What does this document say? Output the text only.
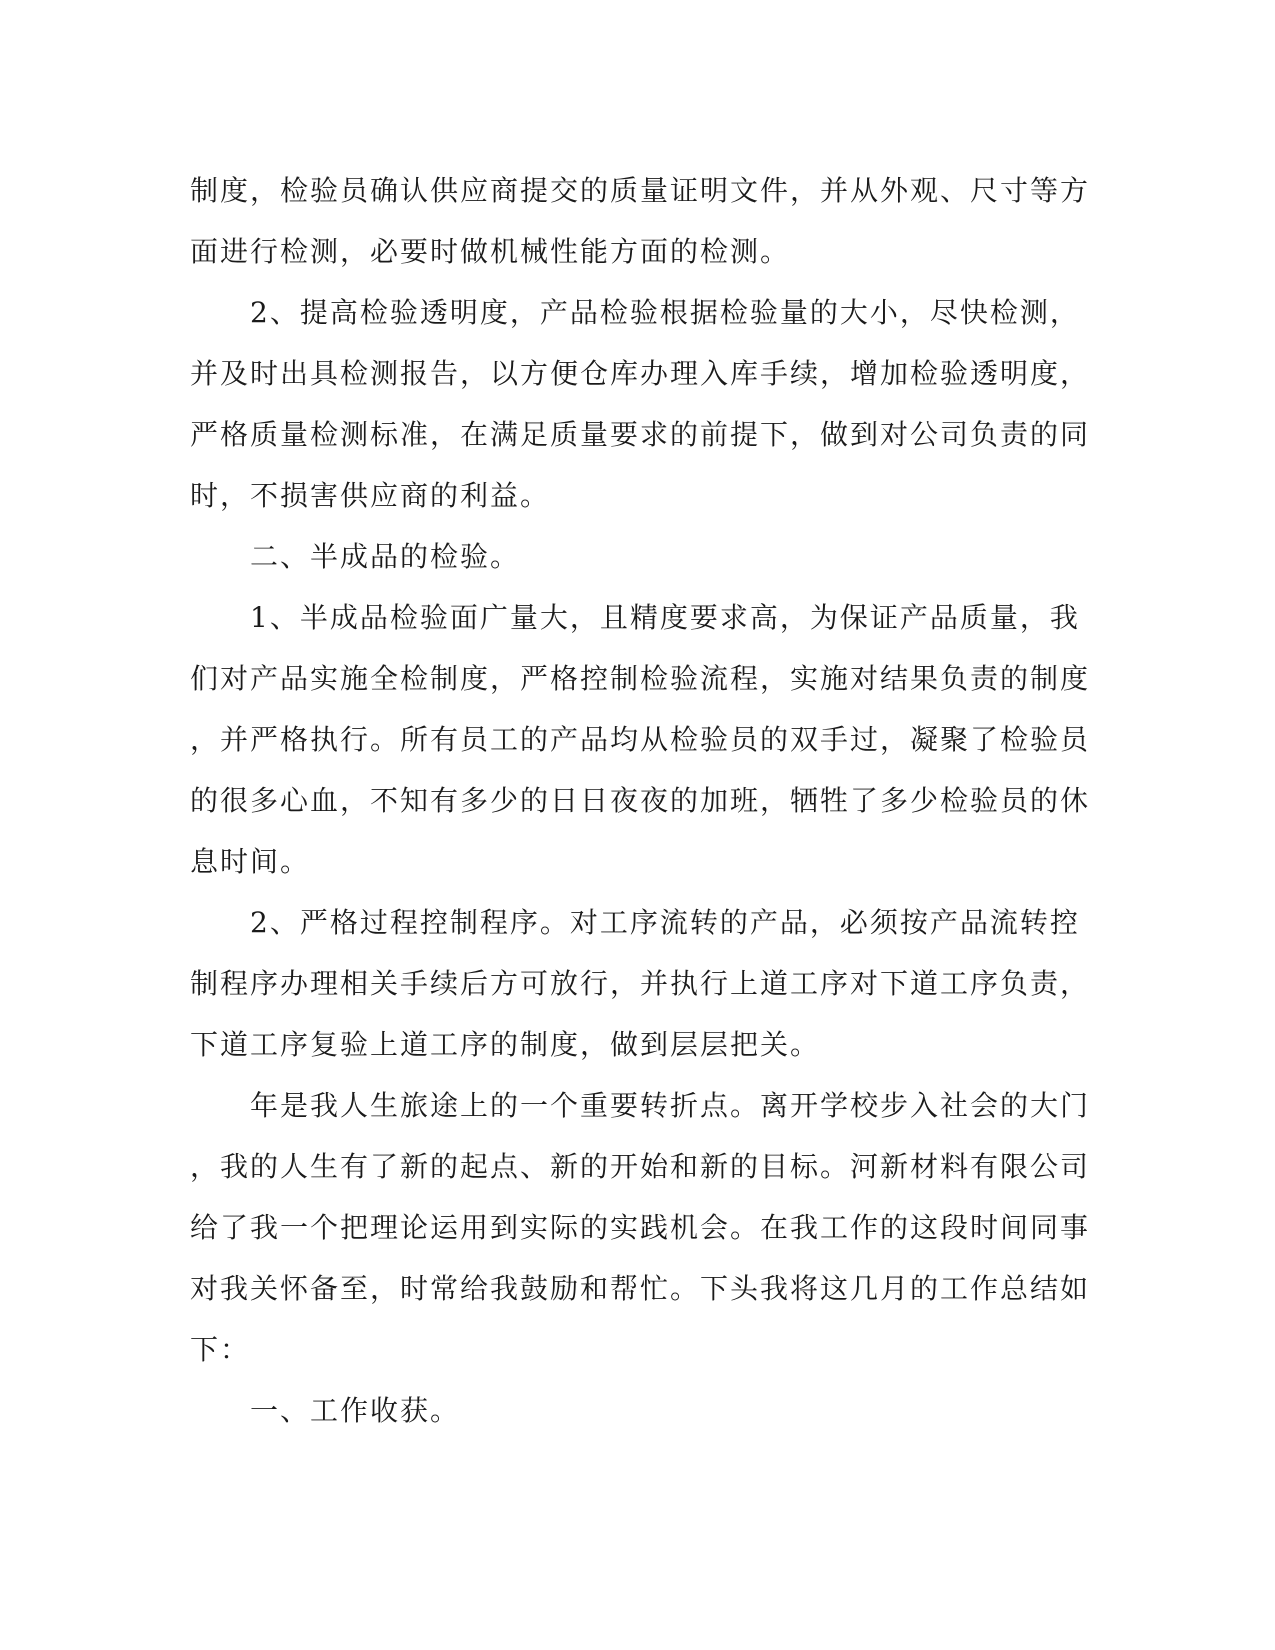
制度，检验员确认供应商提交的质量证明文件，并从外观、尺寸等方
面进行检测，必要时做机械性能方面的检测。
　　2、提高检验透明度，产品检验根据检验量的大小，尽快检测，
并及时出具检测报告，以方便仓库办理入库手续，增加检验透明度，
严格质量检测标准，在满足质量要求的前提下，做到对公司负责的同
时，不损害供应商的利益。
　　二、半成品的检验。
　　1、半成品检验面广量大，且精度要求高，为保证产品质量，我
们对产品实施全检制度，严格控制检验流程，实施对结果负责的制度
，并严格执行。所有员工的产品均从检验员的双手过，凝聚了检验员
的很多心血，不知有多少的日日夜夜的加班，牺牲了多少检验员的休
息时间。
　　2、严格过程控制程序。对工序流转的产品，必须按产品流转控
制程序办理相关手续后方可放行，并执行上道工序对下道工序负责，
下道工序复验上道工序的制度，做到层层把关。
　　年是我人生旅途上的一个重要转折点。离开学校步入社会的大门
，我的人生有了新的起点、新的开始和新的目标。河新材料有限公司
给了我一个把理论运用到实际的实践机会。在我工作的这段时间同事
对我关怀备至，时常给我鼓励和帮忙。下头我将这几月的工作总结如
下：
　　一、工作收获。
